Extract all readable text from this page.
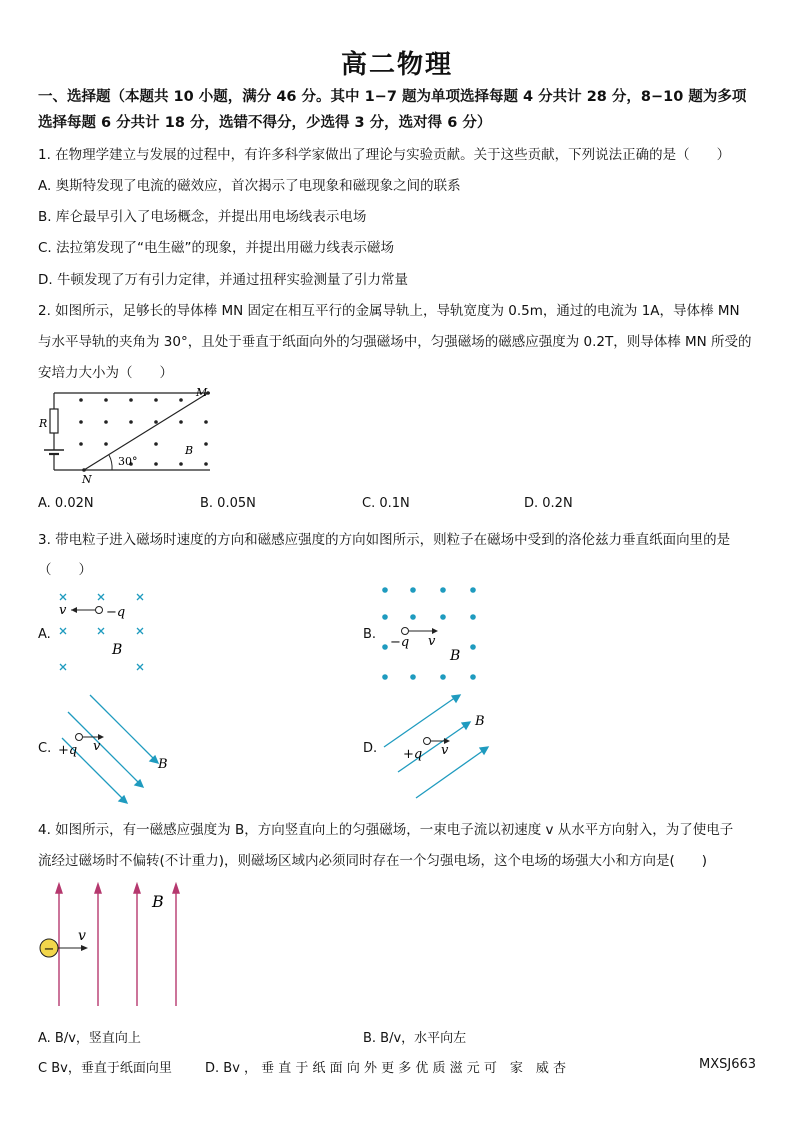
高二物理
一、选择题（本题共 10 小题，满分 46 分。其中 1−7 题为单项选择每题 4 分共计 28 分，8−10 题为多项
选择每题 6 分共计 18 分，选错不得分，少选得 3 分，选对得 6 分）
1. 在物理学建立与发展的过程中，有许多科学家做出了理论与实验贡献。关于这些贡献，下列说法正确的是（　　）
A. 奥斯特发现了电流的磁效应，首次揭示了电现象和磁现象之间的联系
B. 库仑最早引入了电场概念，并提出用电场线表示电场
C. 法拉第发现了“电生磁”的现象，并提出用磁力线表示磁场
D. 牛顿发现了万有引力定律，并通过扭秤实验测量了引力常量
2. 如图所示，足够长的导体棒 MN 固定在相互平行的金属导轨上，导轨宽度为 0.5m，通过的电流为 1A，导体棒 MN
与水平导轨的夹角为 30°，且处于垂直于纸面向外的匀强磁场中，匀强磁场的磁感应强度为 0.2T，则导体棒 MN 所受的
安培力大小为（　　）
R
M
N
B
30°
A. 0.02N	B. 0.05N	C. 0.1N	D. 0.2N
3. 带电粒子进入磁场时速度的方向和磁感应强度的方向如图所示，则粒子在磁场中受到的洛伦兹力垂直纸面向里的是
（　　）
A.
v	−q
B
B.
−q v
B
C. +q v
B
D. +q v
B
4. 如图所示，有一磁感应强度为 B，方向竖直向上的匀强磁场，一束电子流以初速度 v 从水平方向射入，为了使电子
流经过磁场时不偏转(不计重力)，则磁场区域内必须同时存在一个匀强电场，这个电场的场强大小和方向是(　　)
−
v
B
A. B/v，竖直向上	B. B/v，水平向左
C Bv，垂直于纸面向里	D. Bv ， 垂 直 于 纸 面 向 外 更 多 优 质 滋 元 可　家　威 杏	MXSJ663
